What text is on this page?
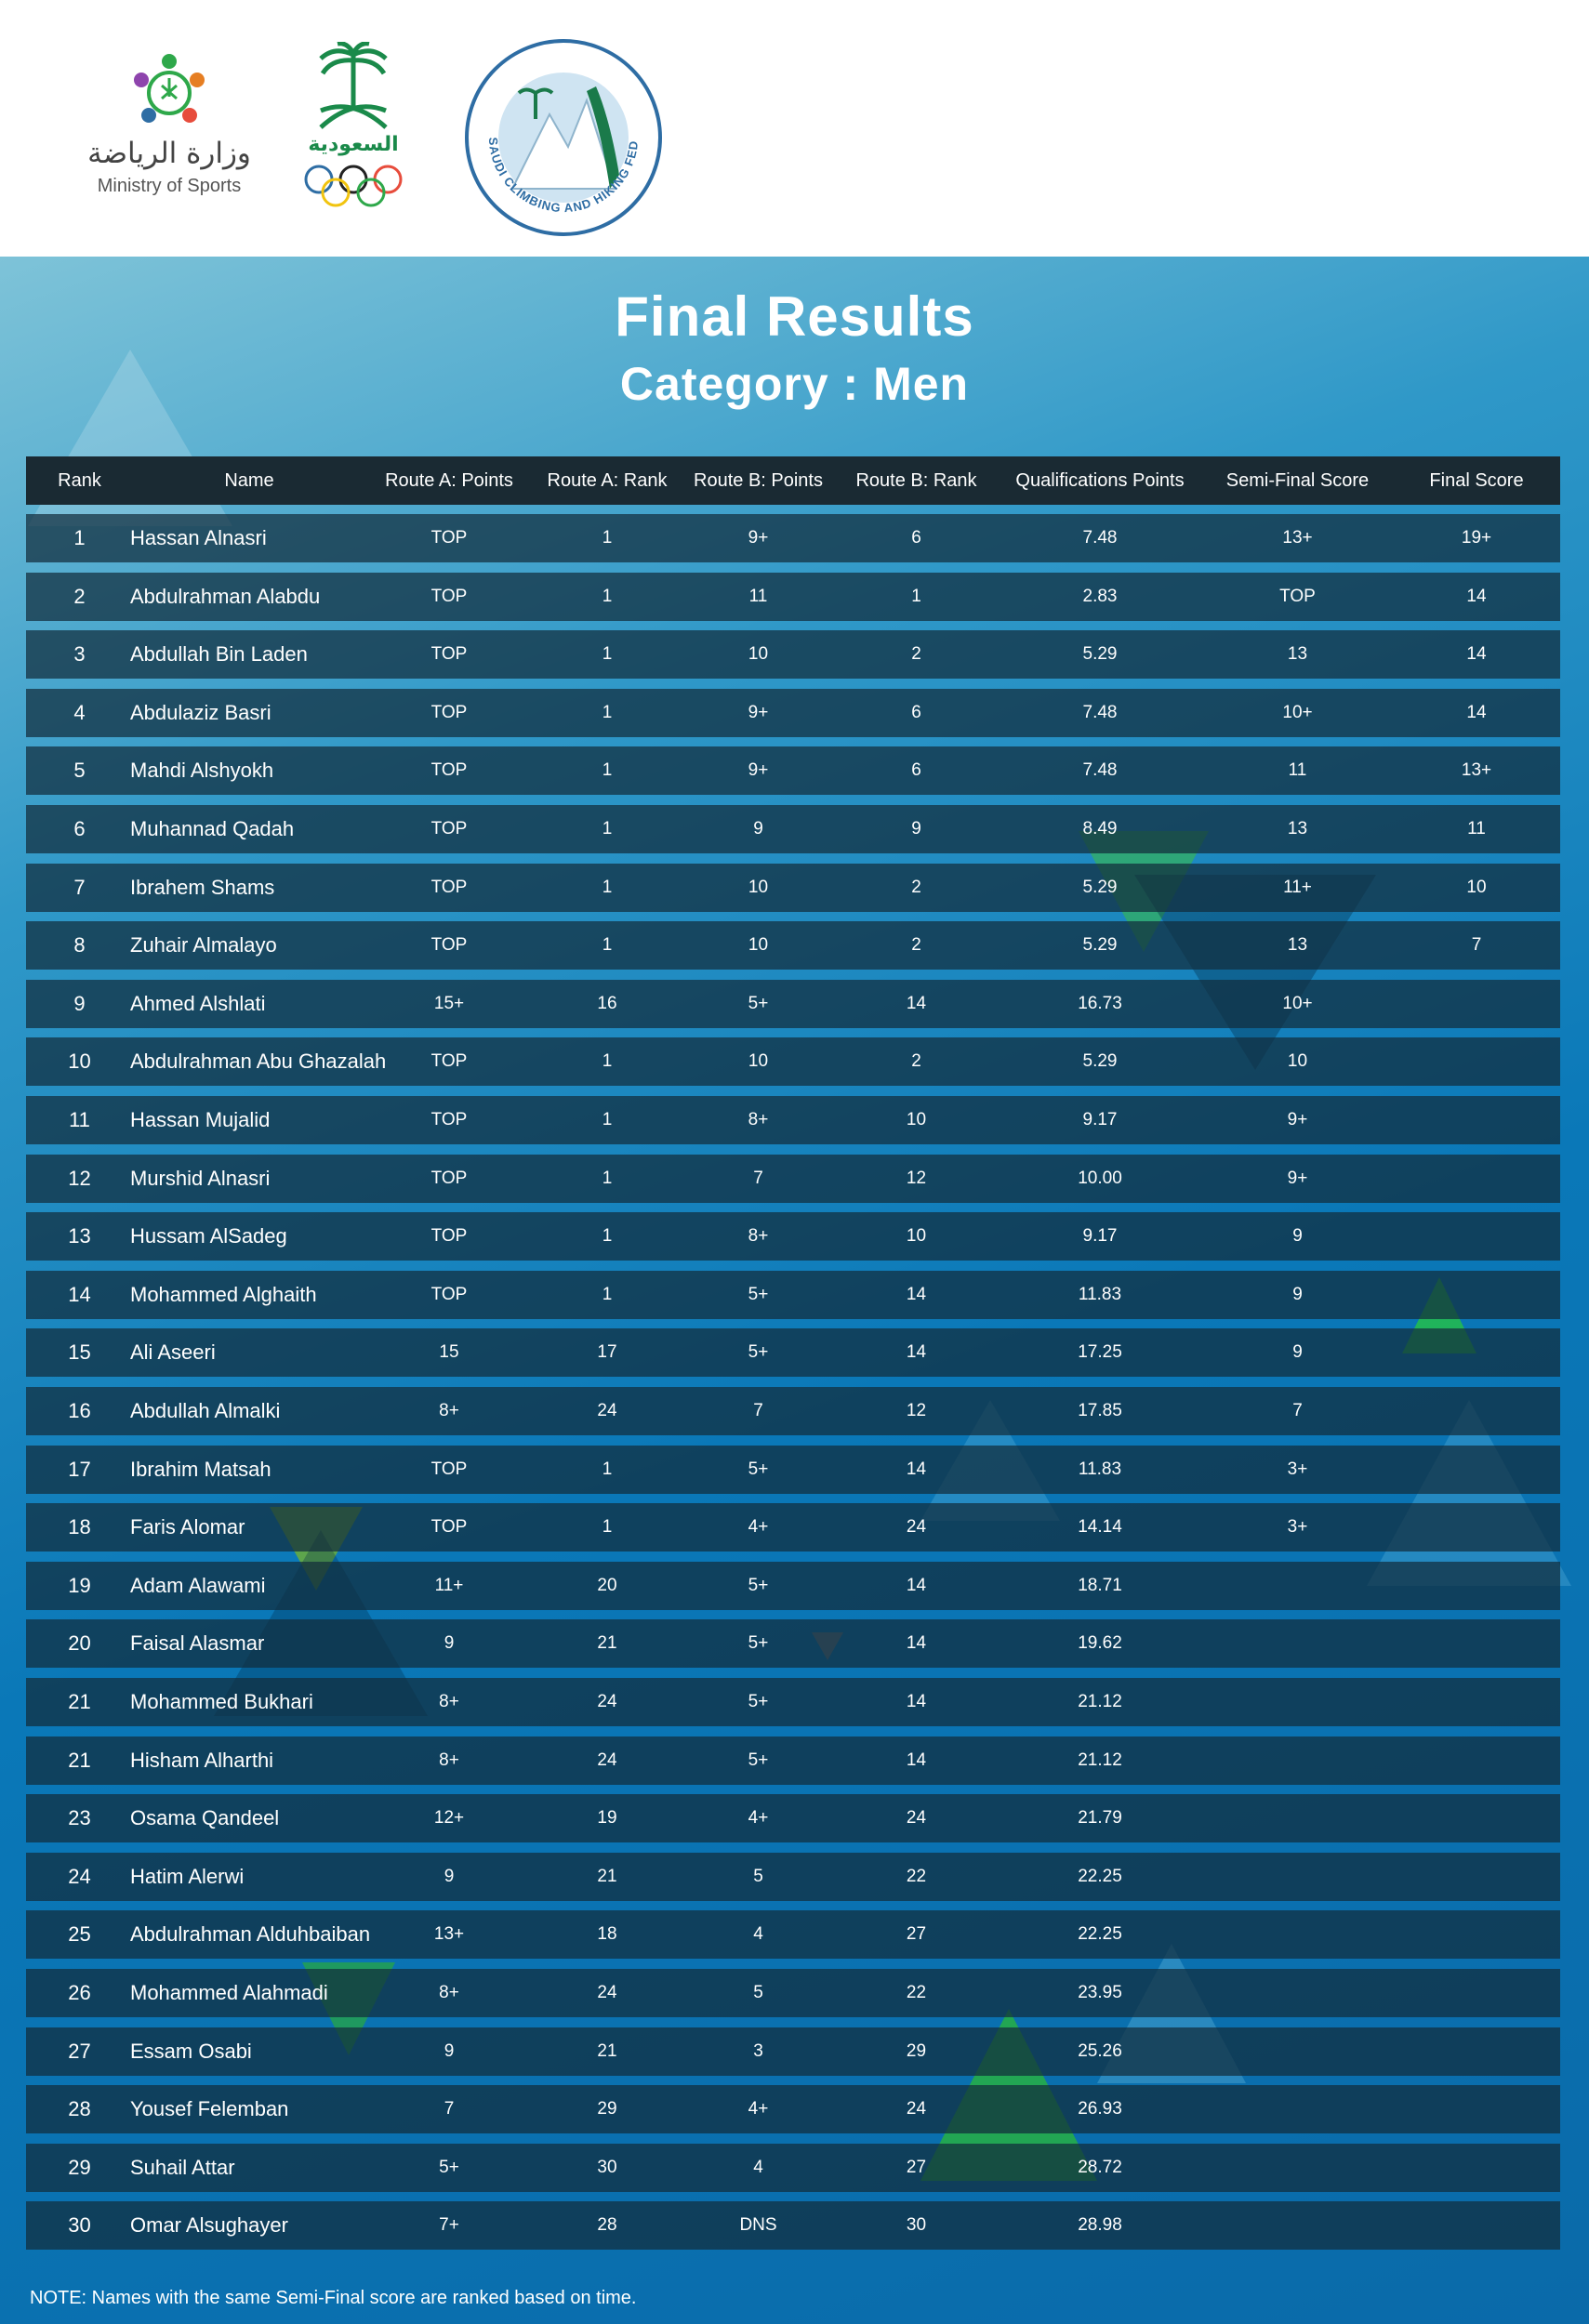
وزارة الرياضة
Ministry of Sports
السعودية	SAUDI CLIMBING AND HIKING FED
Final Results
Category : Men
Rank	Name	Route A: Points	Route A: Rank	Route B: Points	Route B: Rank	Qualifications Points	Semi-Final Score	Final Score
1	Hassan Alnasri	TOP	1	9+	6	7.48	13+	19+
2	Abdulrahman Alabdu	TOP	1	11	1	2.83	TOP	14
3	Abdullah Bin Laden	TOP	1	10	2	5.29	13	14
4	Abdulaziz Basri	TOP	1	9+	6	7.48	10+	14
5	Mahdi Alshyokh	TOP	1	9+	6	7.48	11	13+
6	Muhannad Qadah	TOP	1	9	9	8.49	13	11
7	Ibrahem Shams	TOP	1	10	2	5.29	11+	10
8	Zuhair Almalayo	TOP	1	10	2	5.29	13	7
9	Ahmed Alshlati	15+	16	5+	14	16.73	10+
10	Abdulrahman Abu Ghazalah	TOP	1	10	2	5.29	10
11	Hassan Mujalid	TOP	1	8+	10	9.17	9+
12	Murshid Alnasri	TOP	1	7	12	10.00	9+
13	Hussam AlSadeg	TOP	1	8+	10	9.17	9
14	Mohammed Alghaith	TOP	1	5+	14	11.83	9
15	Ali Aseeri	15	17	5+	14	17.25	9
16	Abdullah Almalki	8+	24	7	12	17.85	7
17	Ibrahim Matsah	TOP	1	5+	14	11.83	3+
18	Faris Alomar	TOP	1	4+	24	14.14	3+
19	Adam Alawami	11+	20	5+	14	18.71
20	Faisal Alasmar	9	21	5+	14	19.62
21	Mohammed Bukhari	8+	24	5+	14	21.12
21	Hisham Alharthi	8+	24	5+	14	21.12
23	Osama Qandeel	12+	19	4+	24	21.79
24	Hatim Alerwi	9	21	5	22	22.25
25	Abdulrahman Alduhbaiban	13+	18	4	27	22.25
26	Mohammed Alahmadi	8+	24	5	22	23.95
27	Essam Osabi	9	21	3	29	25.26
28	Yousef Felemban	7	29	4+	24	26.93
29	Suhail Attar	5+	30	4	27	28.72
30	Omar Alsughayer	7+	28	DNS	30	28.98
NOTE: Names with the same Semi-Final score are ranked based on time.
